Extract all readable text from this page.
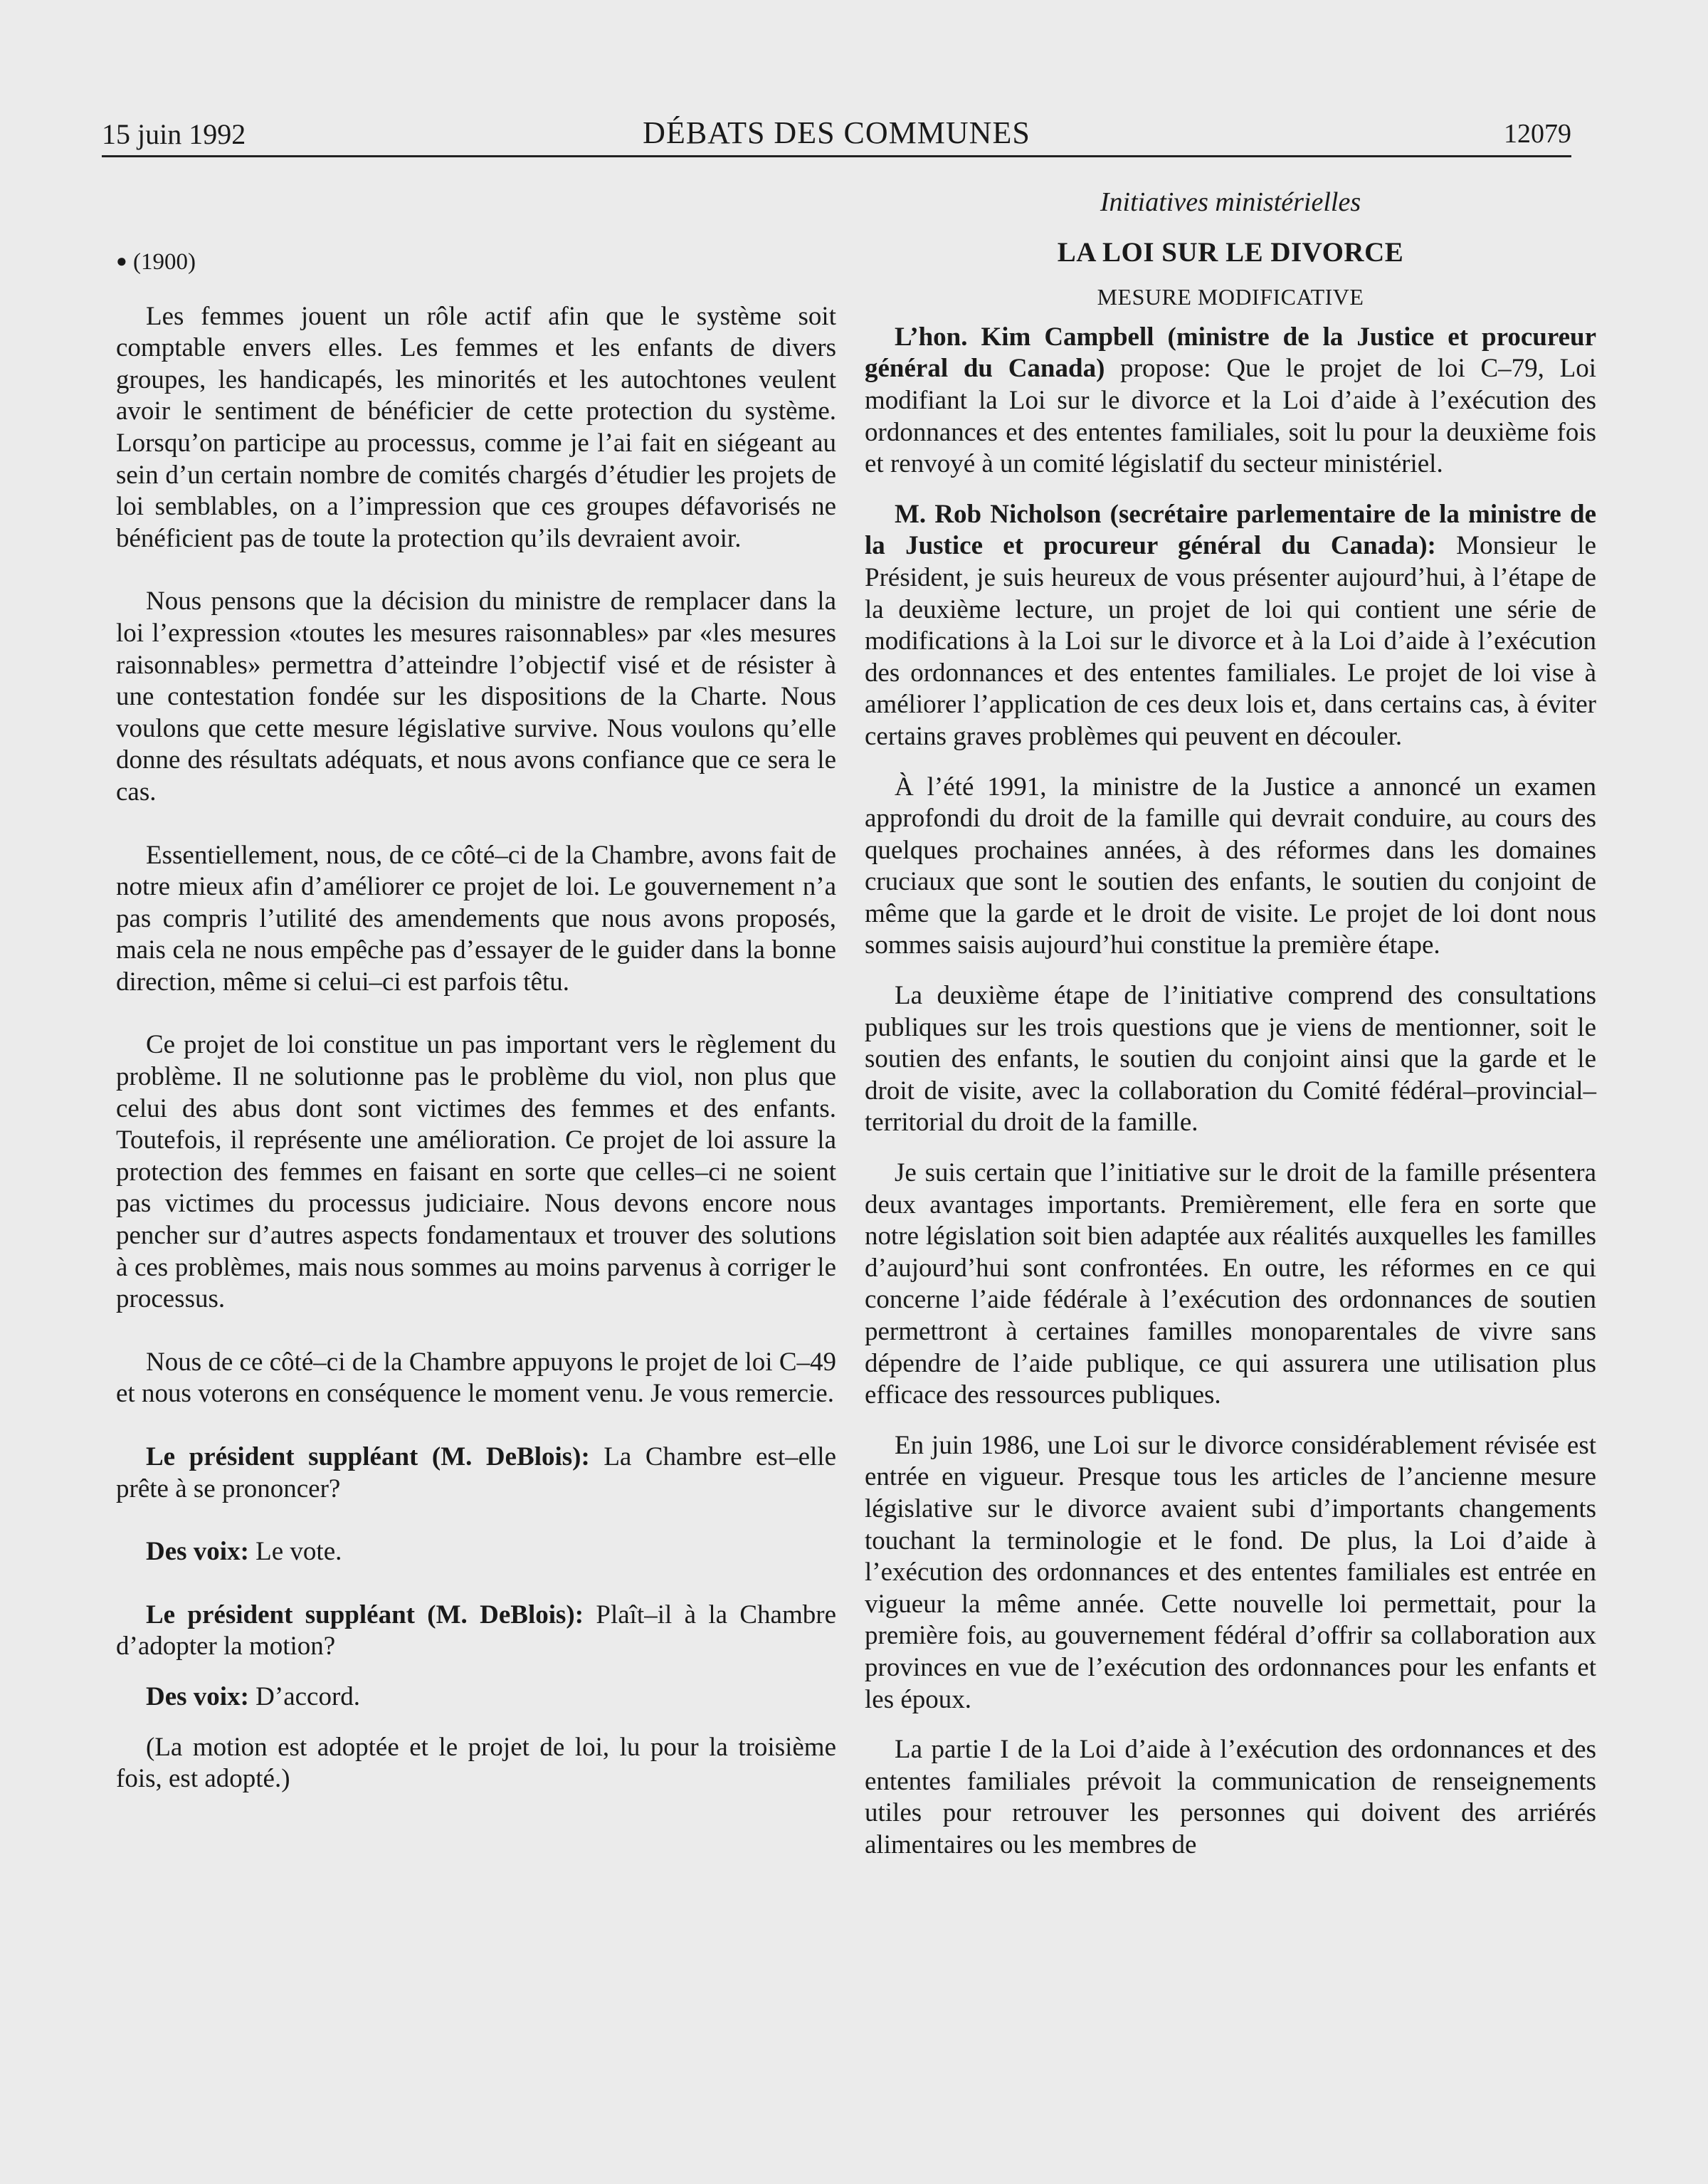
15 juin 1992	DÉBATS DES COMMUNES	12079
● (1900)

Les femmes jouent un rôle actif afin que le système soit comptable envers elles. Les femmes et les enfants de divers groupes, les handicapés, les minorités et les autochtones veulent avoir le sentiment de bénéficier de cette protection du système. Lorsqu’on participe au processus, comme je l’ai fait en siégeant au sein d’un certain nombre de comités chargés d’étudier les projets de loi semblables, on a l’impression que ces groupes défavorisés ne bénéficient pas de toute la protection qu’ils devraient avoir.

Nous pensons que la décision du ministre de remplacer dans la loi l’expression «toutes les mesures raisonnables» par «les mesures raisonnables» permettra d’atteindre l’objectif visé et de résister à une contestation fondée sur les dispositions de la Charte. Nous voulons que cette mesure législative survive. Nous voulons qu’elle donne des résultats adéquats, et nous avons confiance que ce sera le cas.

Essentiellement, nous, de ce côté–ci de la Chambre, avons fait de notre mieux afin d’améliorer ce projet de loi. Le gouvernement n’a pas compris l’utilité des amendements que nous avons proposés, mais cela ne nous empêche pas d’essayer de le guider dans la bonne direction, même si celui–ci est parfois têtu.

Ce projet de loi constitue un pas important vers le règlement du problème. Il ne solutionne pas le problème du viol, non plus que celui des abus dont sont victimes des femmes et des enfants. Toutefois, il représente une amélioration. Ce projet de loi assure la protection des femmes en faisant en sorte que celles–ci ne soient pas victimes du processus judiciaire. Nous devons encore nous pencher sur d’autres aspects fondamentaux et trouver des solutions à ces problèmes, mais nous sommes au moins parvenus à corriger le processus.

Nous de ce côté–ci de la Chambre appuyons le projet de loi C–49 et nous voterons en conséquence le moment venu. Je vous remercie.

Le président suppléant (M. DeBlois): La Chambre est–elle prête à se prononcer?

Des voix: Le vote.

Le président suppléant (M. DeBlois): Plaît–il à la Chambre d’adopter la motion?

Des voix: D’accord.

(La motion est adoptée et le projet de loi, lu pour la troisième fois, est adopté.)

Initiatives ministérielles
LA LOI SUR LE DIVORCE
MESURE MODIFICATIVE

L’hon. Kim Campbell (ministre de la Justice et procureur général du Canada) propose: Que le projet de loi C–79, Loi modifiant la Loi sur le divorce et la Loi d’aide à l’exécution des ordonnances et des ententes familiales, soit lu pour la deuxième fois et renvoyé à un comité législatif du secteur ministériel.

M. Rob Nicholson (secrétaire parlementaire de la ministre de la Justice et procureur général du Canada): Monsieur le Président, je suis heureux de vous présenter aujourd’hui, à l’étape de la deuxième lecture, un projet de loi qui contient une série de modifications à la Loi sur le divorce et à la Loi d’aide à l’exécution des ordonnances et des ententes familiales. Le projet de loi vise à améliorer l’application de ces deux lois et, dans certains cas, à éviter certains graves problèmes qui peuvent en découler.

À l’été 1991, la ministre de la Justice a annoncé un examen approfondi du droit de la famille qui devrait conduire, au cours des quelques prochaines années, à des réformes dans les domaines cruciaux que sont le soutien des enfants, le soutien du conjoint de même que la garde et le droit de visite. Le projet de loi dont nous sommes saisis aujourd’hui constitue la première étape.

La deuxième étape de l’initiative comprend des consultations publiques sur les trois questions que je viens de mentionner, soit le soutien des enfants, le soutien du conjoint ainsi que la garde et le droit de visite, avec la collaboration du Comité fédéral–provincial–territorial du droit de la famille.

Je suis certain que l’initiative sur le droit de la famille présentera deux avantages importants. Premièrement, elle fera en sorte que notre législation soit bien adaptée aux réalités auxquelles les familles d’aujourd’hui sont confrontées. En outre, les réformes en ce qui concerne l’aide fédérale à l’exécution des ordonnances de soutien permettront à certaines familles monoparentales de vivre sans dépendre de l’aide publique, ce qui assurera une utilisation plus efficace des ressources publiques.

En juin 1986, une Loi sur le divorce considérablement révisée est entrée en vigueur. Presque tous les articles de l’ancienne mesure législative sur le divorce avaient subi d’importants changements touchant la terminologie et le fond. De plus, la Loi d’aide à l’exécution des ordonnances et des ententes familiales est entrée en vigueur la même année. Cette nouvelle loi permettait, pour la première fois, au gouvernement fédéral d’offrir sa collaboration aux provinces en vue de l’exécution des ordonnances pour les enfants et les époux.

La partie I de la Loi d’aide à l’exécution des ordonnances et des ententes familiales prévoit la communication de renseignements utiles pour retrouver les personnes qui doivent des arriérés alimentaires ou les membres de
